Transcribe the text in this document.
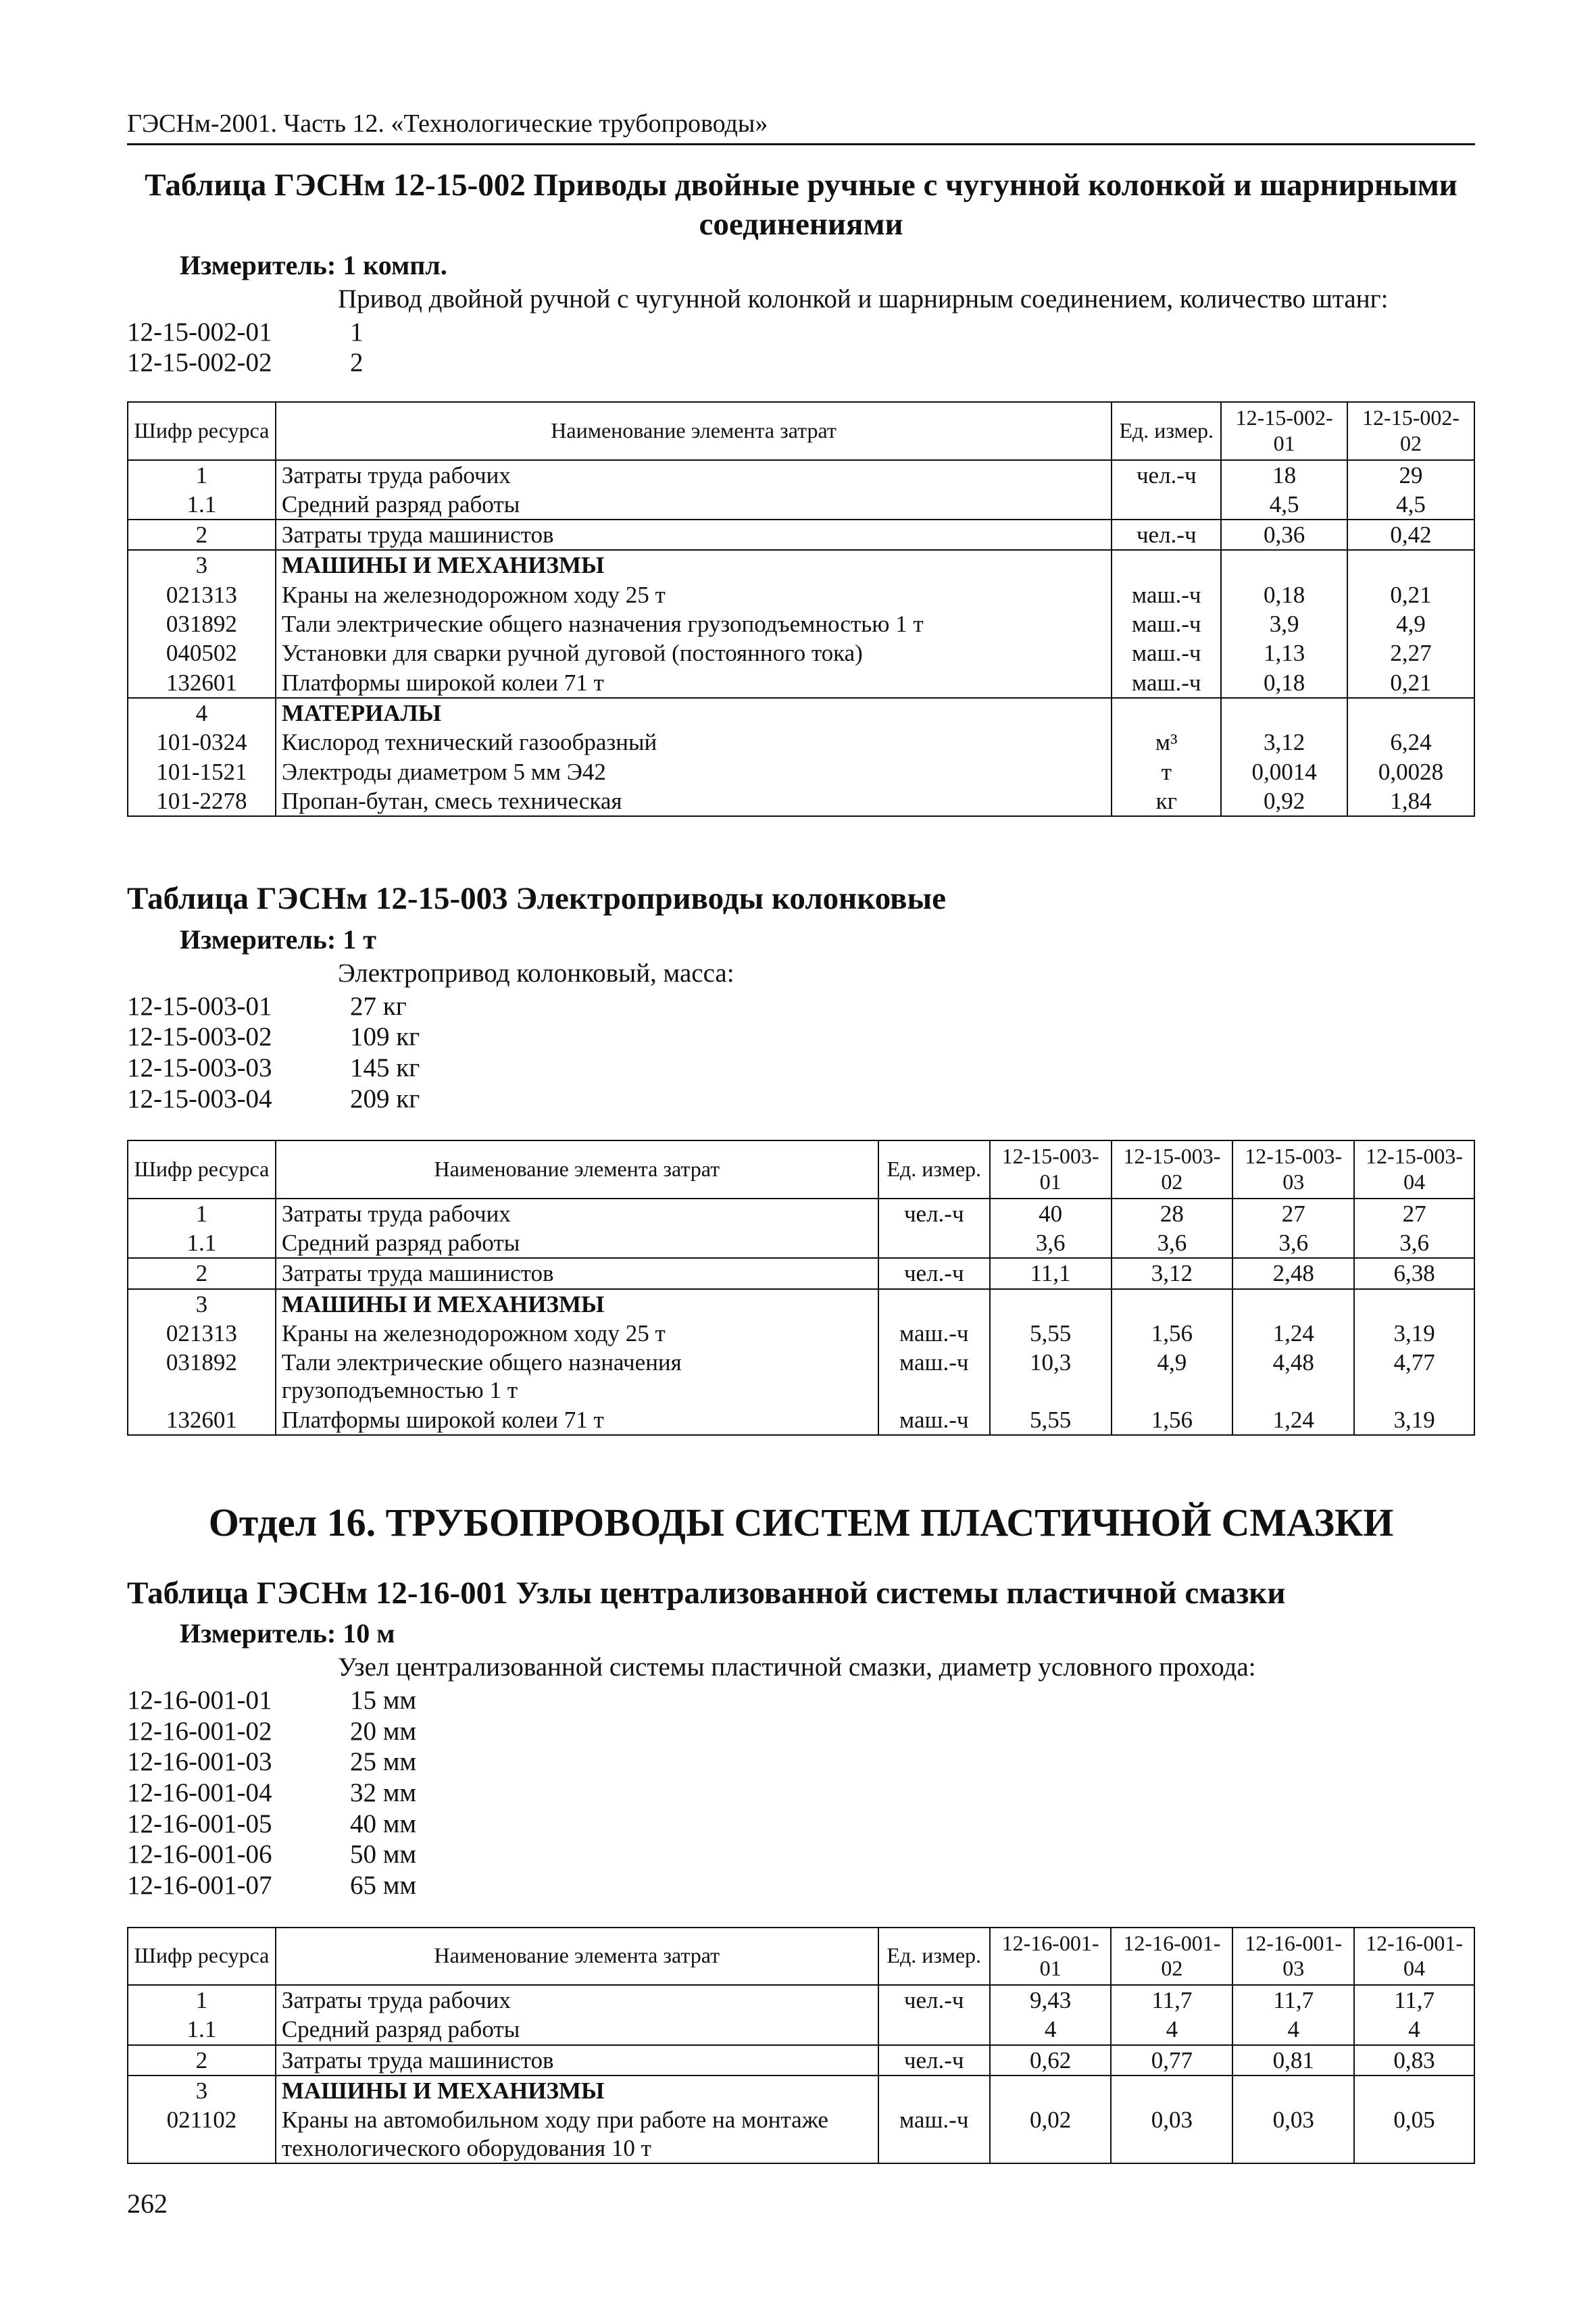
ГЭСНм-2001. Часть 12. «Технологические трубопроводы»
Таблица ГЭСНм 12-15-002 Приводы двойные ручные с чугунной колонкой и шарнирными соединениями
Измеритель: 1 компл.
Привод двойной ручной с чугунной колонкой и шарнирным соединением, количество штанг:
12-15-002-01	1
12-15-002-02	2
Шифр ресурса	Наименование элемента затрат	Ед. измер.	12-15-002-01	12-15-002-02
1	Затраты труда рабочих	чел.-ч	18	29
1.1	Средний разряд работы		4,5	4,5
2	Затраты труда машинистов	чел.-ч	0,36	0,42
3	МАШИНЫ И МЕХАНИЗМЫ			
021313	Краны на железнодорожном ходу 25 т	маш.-ч	0,18	0,21
031892	Тали электрические общего назначения грузоподъемностью 1 т	маш.-ч	3,9	4,9
040502	Установки для сварки ручной дуговой (постоянного тока)	маш.-ч	1,13	2,27
132601	Платформы широкой колеи 71 т	маш.-ч	0,18	0,21
4	МАТЕРИАЛЫ			
101-0324	Кислород технический газообразный	м³	3,12	6,24
101-1521	Электроды диаметром 5 мм Э42	т	0,0014	0,0028
101-2278	Пропан-бутан, смесь техническая	кг	0,92	1,84
Таблица ГЭСНм 12-15-003 Электроприводы колонковые
Измеритель: 1 т
Электропривод колонковый, масса:
12-15-003-01	27 кг
12-15-003-02	109 кг
12-15-003-03	145 кг
12-15-003-04	209 кг
Шифр ресурса	Наименование элемента затрат	Ед. измер.	12-15-003-01	12-15-003-02	12-15-003-03	12-15-003-04
1	Затраты труда рабочих	чел.-ч	40	28	27	27
1.1	Средний разряд работы		3,6	3,6	3,6	3,6
2	Затраты труда машинистов	чел.-ч	11,1	3,12	2,48	6,38
3	МАШИНЫ И МЕХАНИЗМЫ					
021313	Краны на железнодорожном ходу 25 т	маш.-ч	5,55	1,56	1,24	3,19
031892	Тали электрические общего назначения грузоподъемностью 1 т	маш.-ч	10,3	4,9	4,48	4,77
132601	Платформы широкой колеи 71 т	маш.-ч	5,55	1,56	1,24	3,19
Отдел 16. ТРУБОПРОВОДЫ СИСТЕМ ПЛАСТИЧНОЙ СМАЗКИ
Таблица ГЭСНм 12-16-001 Узлы централизованной системы пластичной смазки
Измеритель: 10 м
Узел централизованной системы пластичной смазки, диаметр условного прохода:
12-16-001-01	15 мм
12-16-001-02	20 мм
12-16-001-03	25 мм
12-16-001-04	32 мм
12-16-001-05	40 мм
12-16-001-06	50 мм
12-16-001-07	65 мм
Шифр ресурса	Наименование элемента затрат	Ед. измер.	12-16-001-01	12-16-001-02	12-16-001-03	12-16-001-04
1	Затраты труда рабочих	чел.-ч	9,43	11,7	11,7	11,7
1.1	Средний разряд работы		4	4	4	4
2	Затраты труда машинистов	чел.-ч	0,62	0,77	0,81	0,83
3	МАШИНЫ И МЕХАНИЗМЫ					
021102	Краны на автомобильном ходу при работе на монтаже технологического оборудования 10 т	маш.-ч	0,02	0,03	0,03	0,05
262
